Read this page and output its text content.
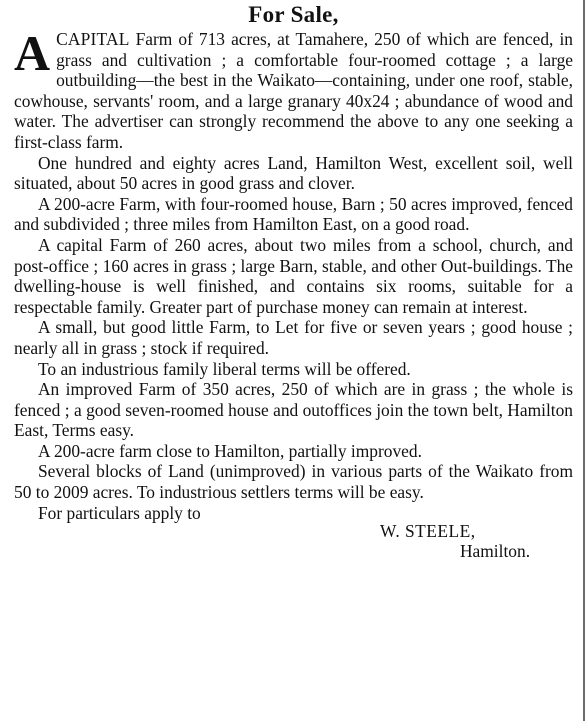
For Sale,

A CAPITAL Farm of 713 acres, at Tamahere, 250 of which are fenced, in grass and cultivation ; a comfortable four-roomed cottage ; a large outbuilding—the best in the Waikato—containing, under one roof, stable, cowhouse, servants' room, and a large granary 40x24 ; abundance of wood and water. The advertiser can strongly recommend the above to any one seeking a first-class farm.

One hundred and eighty acres Land, Hamilton West, excellent soil, well situated, about 50 acres in good grass and clover.

A 200-acre Farm, with four-roomed house, Barn ; 50 acres improved, fenced and subdivided ; three miles from Hamilton East, on a good road.

A capital Farm of 260 acres, about two miles from a school, church, and post-office ; 160 acres in grass ; large Barn, stable, and other Out-buildings. The dwelling-house is well finished, and contains six rooms, suitable for a respectable family. Greater part of purchase money can remain at interest.

A small, but good little Farm, to Let for five or seven years ; good house ; nearly all in grass ; stock if required.

To an industrious family liberal terms will be offered.

An improved Farm of 350 acres, 250 of which are in grass ; the whole is fenced ; a good seven-roomed house and outoffices join the town belt, Hamilton East, Terms easy.

A 200-acre farm close to Hamilton, partially improved.

Several blocks of Land (unimproved) in various parts of the Waikato from 50 to 2009 acres. To industrious settlers terms will be easy.

For particulars apply to
W. STEELE,
Hamilton.
